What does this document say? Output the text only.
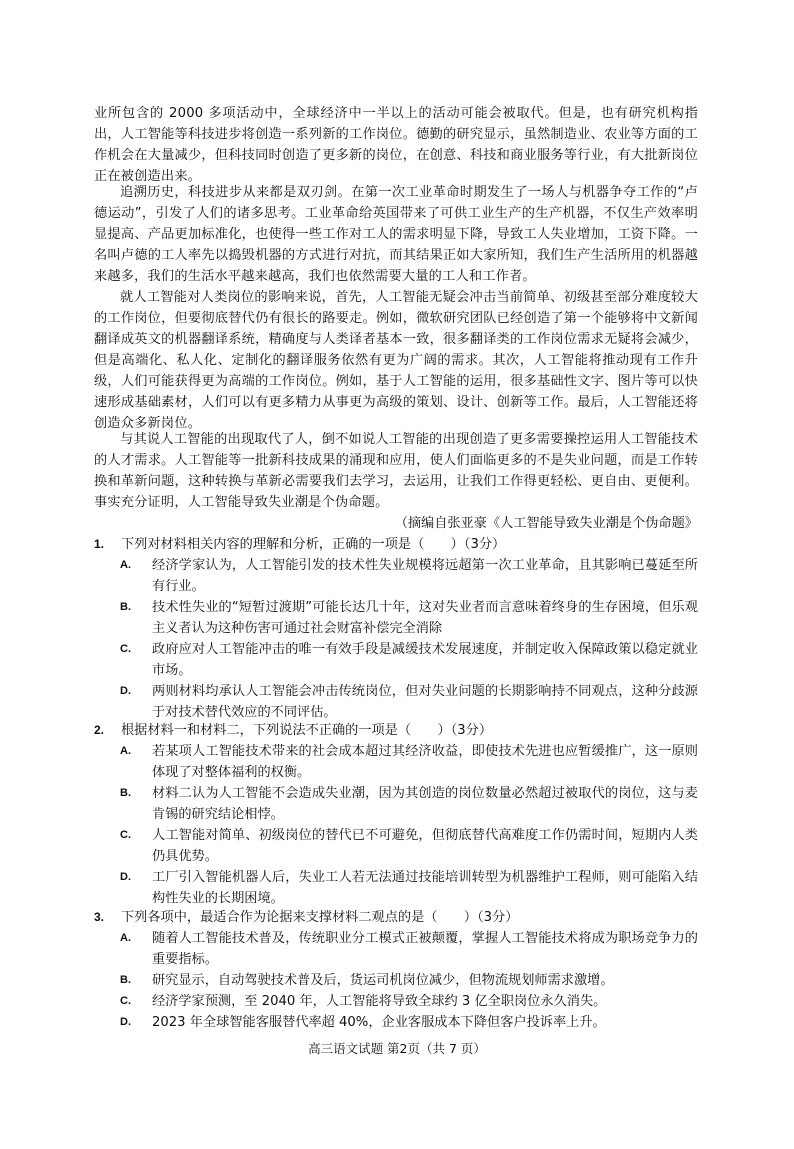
业所包含的 2000 多项活动中，全球经济中一半以上的活动可能会被取代。但是，也有研究机构指出，人工智能等科技进步将创造一系列新的工作岗位。德勤的研究显示，虽然制造业、农业等方面的工作机会在大量减少，但科技同时创造了更多新的岗位，在创意、科技和商业服务等行业，有大批新岗位正在被创造出来。

追溯历史，科技进步从来都是双刃剑。在第一次工业革命时期发生了一场人与机器争夺工作的“卢德运动”，引发了人们的诸多思考。工业革命给英国带来了可供工业生产的生产机器，不仅生产效率明显提高、产品更加标准化，也使得一些工作对工人的需求明显下降，导致工人失业增加，工资下降。一名叫卢德的工人率先以捣毁机器的方式进行对抗，而其结果正如大家所知，我们生产生活所用的机器越来越多，我们的生活水平越来越高，我们也依然需要大量的工人和工作者。

就人工智能对人类岗位的影响来说，首先，人工智能无疑会冲击当前简单、初级甚至部分难度较大的工作岗位，但要彻底替代仍有很长的路要走。例如，微软研究团队已经创造了第一个能够将中文新闻翻译成英文的机器翻译系统，精确度与人类译者基本一致，很多翻译类的工作岗位需求无疑将会减少，但是高端化、私人化、定制化的翻译服务依然有更为广阔的需求。其次，人工智能将推动现有工作升级，人们可能获得更为高端的工作岗位。例如，基于人工智能的运用，很多基础性文字、图片等可以快速形成基础素材，人们可以有更多精力从事更为高级的策划、设计、创新等工作。最后，人工智能还将创造众多新岗位。

与其说人工智能的出现取代了人，倒不如说人工智能的出现创造了更多需要操控运用人工智能技术的人才需求。人工智能等一批新科技成果的涌现和应用，使人们面临更多的不是失业问题，而是工作转换和革新问题，这种转换与革新必需要我们去学习，去运用，让我们工作得更轻松、更自由、更便利。事实充分证明，人工智能导致失业潮是个伪命题。

（摘编自张亚豪《人工智能导致失业潮是个伪命题》

1. 下列对材料相关内容的理解和分析，正确的一项是（　　）（3分）
A. 经济学家认为，人工智能引发的技术性失业规模将远超第一次工业革命，且其影响已蔓延至所有行业。
B. 技术性失业的“短暂过渡期”可能长达几十年，这对失业者而言意味着终身的生存困境，但乐观主义者认为这种伤害可通过社会财富补偿完全消除
C. 政府应对人工智能冲击的唯一有效手段是减缓技术发展速度，并制定收入保障政策以稳定就业市场。
D. 两则材料均承认人工智能会冲击传统岗位，但对失业问题的长期影响持不同观点，这种分歧源于对技术替代效应的不同评估。
2. 根据材料一和材料二，下列说法不正确的一项是（　　）（3分）
A. 若某项人工智能技术带来的社会成本超过其经济收益，即使技术先进也应暂缓推广，这一原则体现了对整体福利的权衡。
B. 材料二认为人工智能不会造成失业潮，因为其创造的岗位数量必然超过被取代的岗位，这与麦肯锡的研究结论相悖。
C. 人工智能对简单、初级岗位的替代已不可避免，但彻底替代高难度工作仍需时间，短期内人类仍具优势。
D. 工厂引入智能机器人后，失业工人若无法通过技能培训转型为机器维护工程师，则可能陷入结构性失业的长期困境。
3. 下列各项中，最适合作为论据来支撑材料二观点的是（　　）（3分）
A. 随着人工智能技术普及，传统职业分工模式正被颠覆，掌握人工智能技术将成为职场竞争力的重要指标。
B. 研究显示，自动驾驶技术普及后，货运司机岗位减少，但物流规划师需求激增。
C. 经济学家预测，至 2040 年，人工智能将导致全球约 3 亿全职岗位永久消失。
D. 2023 年全球智能客服替代率超 40%，企业客服成本下降但客户投诉率上升。

高三语文试题 第2页（共 7 页）
